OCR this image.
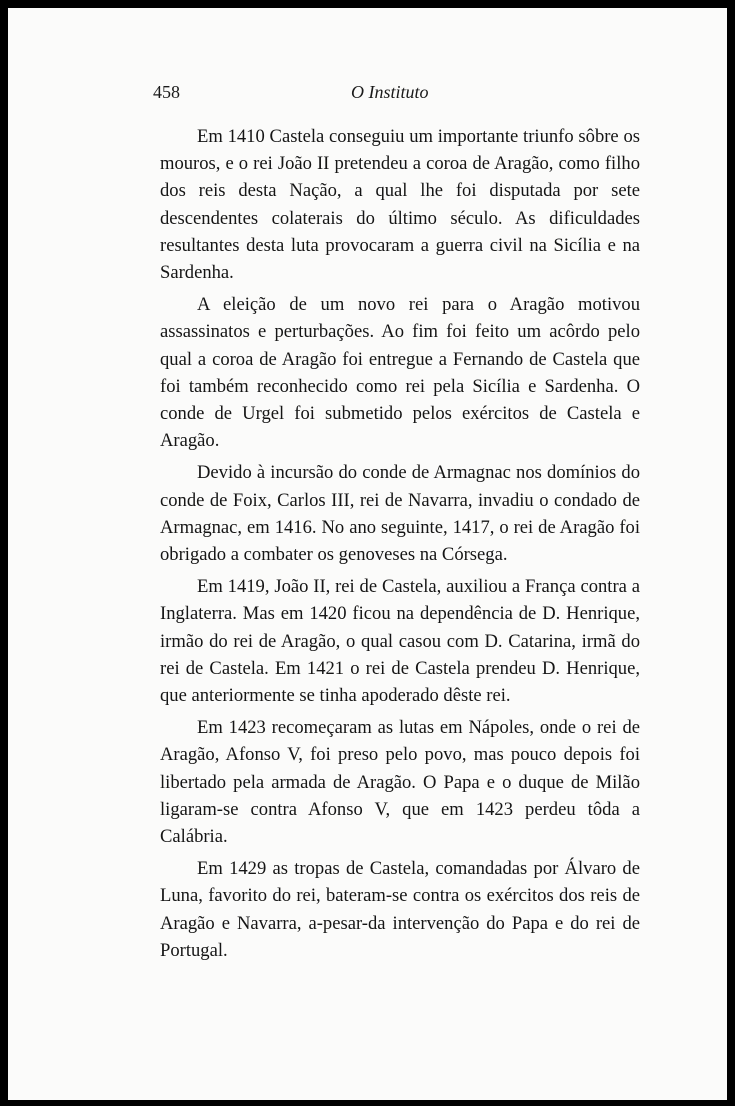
458	O Instituto

Em 1410 Castela conseguiu um importante triunfo sôbre os mouros, e o rei João II pretendeu a coroa de Aragão, como filho dos reis desta Nação, a qual lhe foi disputada por sete descendentes colaterais do último século. As dificuldades resultantes desta luta provocaram a guerra civil na Sicília e na Sardenha.

A eleição de um novo rei para o Aragão motivou assassinatos e perturbações. Ao fim foi feito um acôrdo pelo qual a coroa de Aragão foi entregue a Fernando de Castela que foi também reconhecido como rei pela Sicília e Sardenha. O conde de Urgel foi submetido pelos exércitos de Castela e Aragão.

Devido à incursão do conde de Armagnac nos domínios do conde de Foix, Carlos III, rei de Navarra, invadiu o condado de Armagnac, em 1416. No ano seguinte, 1417, o rei de Aragão foi obrigado a combater os genoveses na Córsega.

Em 1419, João II, rei de Castela, auxiliou a França contra a Inglaterra. Mas em 1420 ficou na dependência de D. Henrique, irmão do rei de Aragão, o qual casou com D. Catarina, irmã do rei de Castela. Em 1421 o rei de Castela prendeu D. Henrique, que anteriormente se tinha apoderado dêste rei.

Em 1423 recomeçaram as lutas em Nápoles, onde o rei de Aragão, Afonso V, foi preso pelo povo, mas pouco depois foi libertado pela armada de Aragão. O Papa e o duque de Milão ligaram-se contra Afonso V, que em 1423 perdeu tôda a Calábria.

Em 1429 as tropas de Castela, comandadas por Álvaro de Luna, favorito do rei, bateram-se contra os exércitos dos reis de Aragão e Navarra, a-pesar-da intervenção do Papa e do rei de Portugal.
